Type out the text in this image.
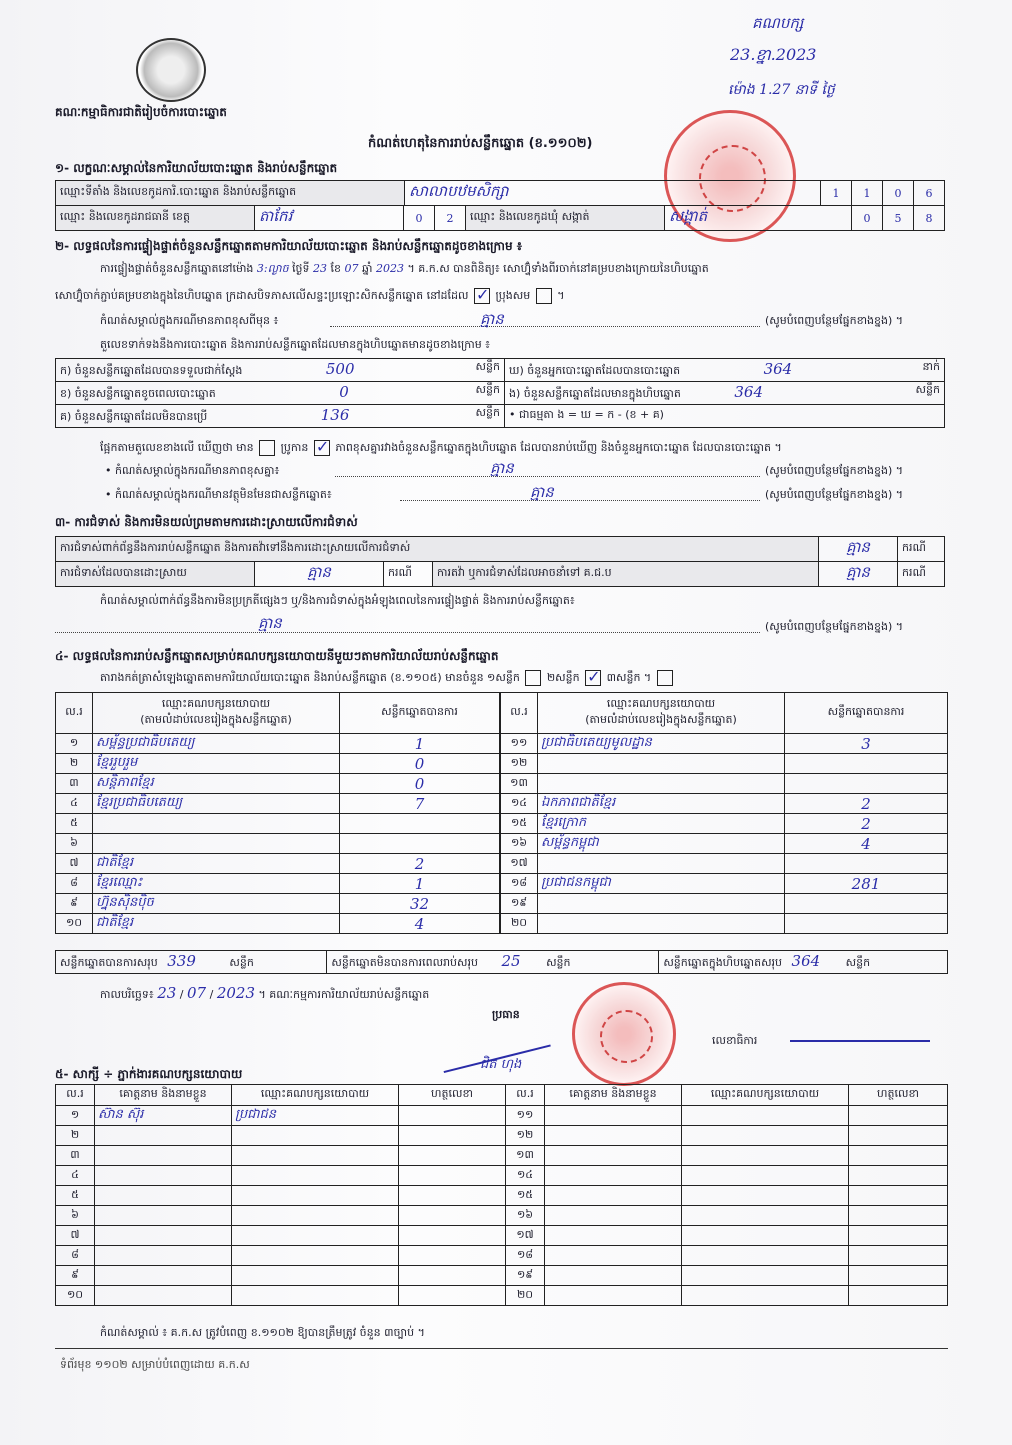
គណៈកម្មាធិការជាតិរៀបចំការបោះឆ្នោត
កំណត់ហេតុនៃការរាប់សន្លឹកឆ្នោត (ខ.១១០២)
គណបក្ស
23.ខ្នា.2023
ម៉ោង 1.27 នាទី ថ្ងៃ
១- លក្ខណៈសម្គាល់នៃការិយាល័យបោះឆ្នោត និងរាប់សន្លឹកឆ្នោត
ឈ្មោះទីតាំង និងលេខកូដការិ.បោះឆ្នោត និងរាប់សន្លឹកឆ្នោត	សាលាបឋមសិក្សា	1	1	0	6
ឈ្មោះ និងលេខកូដរាជធានី ខេត្ត	តាកែវ	0	2	ឈ្មោះ និងលេខកូដឃុំ សង្កាត់	សង្កាត់	0	5	8
២- លទ្ធផលនៃការផ្ទៀងផ្ទាត់ចំនួនសន្លឹកឆ្នោតតាមការិយាល័យបោះឆ្នោត និងរាប់សន្លឹកឆ្នោតដូចខាងក្រោម ៖
ការផ្ទៀងផ្ទាត់ចំនួនសន្លឹកឆ្នោតនៅម៉ោង 3:ល្ងាច ថ្ងៃទី 23 ខែ 07 ឆ្នាំ 2023 ។ គ.ក.ស បានពិនិត្យ៖ សោហ្វ៊ុំទាំងពីរចាក់នៅគម្របខាងក្រោយនៃហិបឆ្នោត
សោហ្វ៊ុំចាក់ភ្ជាប់គម្របខាងក្នុងនៃហិបឆ្នោត ក្រដាសបិទភាសលើសន្ទះប្រឡោះសិកសន្លឹកឆ្នោត នៅដដែល ✓ ប្រុងសម ។
កំណត់សម្គាល់ក្នុងករណីមានភាពខុសពីមុន ៖	គ្មាន	(សូមបំពេញបន្ថែមផ្នែកខាងខ្នង) ។
តួលេខទាក់ទងនឹងការបោះឆ្នោត និងការរាប់សន្លឹកឆ្នោតដែលមានក្នុងហិបឆ្នោតមានដូចខាងក្រោម ៖
ក) ចំនួនសន្លឹកឆ្នោតដែលបានទទួលជាក់ស្តែង 500 សន្លឹក	ឃ) ចំនួនអ្នកបោះឆ្នោតដែលបានបោះឆ្នោត 364 នាក់

ខ) ចំនួនសន្លឹកឆ្នោតខូចពេលបោះឆ្នោត 0 សន្លឹក	ង) ចំនួនសន្លឹកឆ្នោតដែលមានក្នុងហិបឆ្នោត 364 សន្លឹក

គ) ចំនួនសន្លឹកឆ្នោតដែលមិនបានប្រើ 136 សន្លឹក	• ជាធម្មតា ង = ឃ = ក - (ខ + គ)
ផ្អែកតាមតួលេខខាងលើ ឃើញថា មាន ប្រូកាន ✓ ភាពខុសគ្នារវាងចំនួនសន្លឹកឆ្នោតក្នុងហិបឆ្នោត ដែលបានរាប់ឃើញ និងចំនួនអ្នកបោះឆ្នោត ដែលបានបោះឆ្នោត ។
• កំណត់សម្គាល់ក្នុងករណីមានភាពខុសគ្នា៖	គ្មាន	(សូមបំពេញបន្ថែមផ្នែកខាងខ្នង) ។
• កំណត់សម្គាល់ក្នុងករណីមានវត្ថុមិនមែនជាសន្លឹកឆ្នោត៖	គ្មាន	(សូមបំពេញបន្ថែមផ្នែកខាងខ្នង) ។
៣- ការជំទាស់ និងការមិនយល់ព្រមតាមការដោះស្រាយលើការជំទាស់
ការជំទាស់ពាក់ព័ន្ធនឹងការរាប់សន្លឹកឆ្នោត និងការតវ៉ាទៅនឹងការដោះស្រាយលើការជំទាស់				គ្មាន	ករណី
ការជំទាស់ដែលបានដោះស្រាយ	គ្មាន	ករណី	ការតវ៉ា ឬការជំទាស់ដែលអាចនាំទៅ គ.ជ.ប	គ្មាន	ករណី
កំណត់សម្គាល់ពាក់ព័ន្ធនឹងការមិនប្រក្រតីផ្សេងៗ ឬ/និងការជំទាស់ក្នុងអំឡុងពេលនៃការផ្ទៀងផ្ទាត់ និងការរាប់សន្លឹកឆ្នោត៖
គ្មាន	(សូមបំពេញបន្ថែមផ្នែកខាងខ្នង) ។
៤- លទ្ធផលនៃការរាប់សន្លឹកឆ្នោតសម្រាប់គណបក្សនយោបាយនីមួយៗតាមការិយាល័យរាប់សន្លឹកឆ្នោត
តារាងកត់ត្រាសំឡេងឆ្នោតតាមការិយាល័យបោះឆ្នោត និងរាប់សន្លឹកឆ្នោត (ខ.១១០៥) មានចំនួន ១សន្លឹក ២សន្លឹក ✓ ៣សន្លឹក ។
ល.រ	ឈ្មោះគណបក្សនយោបាយ
(តាមលំដាប់លេខរៀងក្នុងសន្លឹកឆ្នោត)	សន្លឹកឆ្នោតបានការ
១	សម្ព័ន្ធប្រជាធិបតេយ្យ	1
២	ខ្មែររួបរួម	0
៣	សន្តិភាពខ្មែរ	0
៤	ខ្មែរប្រជាធិបតេយ្យ	7
៥		
៦		
៧	ជាតិខ្មែរ	2
៨	ខ្មែរឈ្មោះ	1
៩	ហ្វ៊ុនស៊ិនប៉ិច	32
១០	ជាតិខ្មែរ	4
ល.រ	ឈ្មោះគណបក្សនយោបាយ
(តាមលំដាប់លេខរៀងក្នុងសន្លឹកឆ្នោត)	សន្លឹកឆ្នោតបានការ
១១	ប្រជាធិបតេយ្យមូលដ្ឋាន	3
១២		
១៣		
១៤	ឯកភាពជាតិខ្មែរ	2
១៥	ខ្មែរក្រោក	2
១៦	សម្ព័ន្ធកម្ពុជា	4
១៧		
១៨	ប្រជាជនកម្ពុជា	281
១៩		
២០		
សន្លឹកឆ្នោតបានការសរុប 339	សន្លឹក	សន្លឹកឆ្នោតមិនបានការពេលរាប់សរុប 25 សន្លឹក	សន្លឹកឆ្នោតក្នុងហិបឆ្នោតសរុប 364 សន្លឹក
កាលបរិច្ឆេទ៖ 23 / 07 / 2023 ។ គណៈកម្មការការិយាល័យរាប់សន្លឹកឆ្នោត
ប្រធាន
ជិត ហុង
លេខាធិការ
៥- សាក្សី ÷ ភ្នាក់ងារគណបក្សនយោបាយ
ល.រ	គោត្តនាម និងនាមខ្លួន	ឈ្មោះគណបក្សនយោបាយ	ហត្ថលេខា	ល.រ	គោត្តនាម និងនាមខ្លួន	ឈ្មោះគណបក្សនយោបាយ	ហត្ថលេខា
១	ស៊ាន ស៊ុរ	ប្រជាជន		១១			
២				១២			
៣				១៣			
៤				១៤			
៥				១៥			
៦				១៦			
៧				១៧			
៨				១៨			
៩				១៩			
១០				២០			
កំណត់សម្គាល់ ៖ គ.ក.ស ត្រូវបំពេញ ខ.១១០២ ឱ្យបានត្រឹមត្រូវ ចំនួន ៣ច្បាប់ ។
ទំព័រមុខ ១១០២ សម្រាប់បំពេញដោយ គ.ក.ស
